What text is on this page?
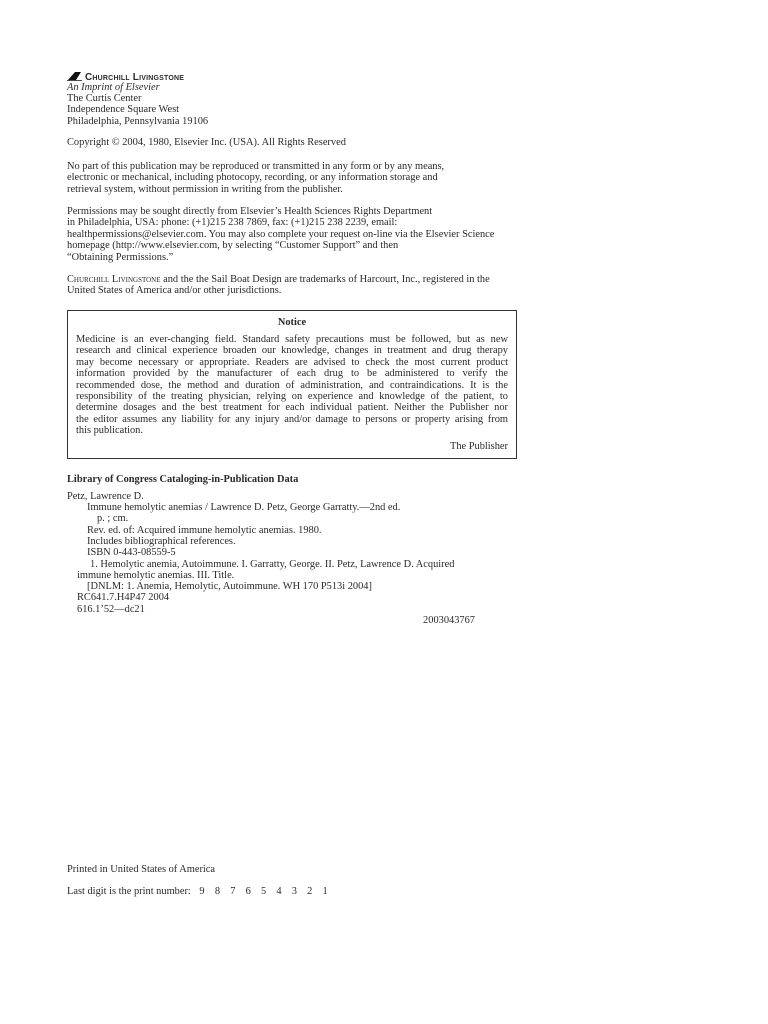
Churchill Livingstone
An Imprint of Elsevier
The Curtis Center
Independence Square West
Philadelphia, Pennsylvania 19106
Copyright © 2004, 1980, Elsevier Inc. (USA). All Rights Reserved
No part of this publication may be reproduced or transmitted in any form or by any means,
electronic or mechanical, including photocopy, recording, or any information storage and
retrieval system, without permission in writing from the publisher.
Permissions may be sought directly from Elsevier’s Health Sciences Rights Department
in Philadelphia, USA: phone: (+1)215 238 7869, fax: (+1)215 238 2239, email:
healthpermissions@elsevier.com. You may also complete your request on-line via the Elsevier Science
homepage (http://www.elsevier.com, by selecting “Customer Support” and then
“Obtaining Permissions.”
Churchill Livingstone and the the Sail Boat Design are trademarks of Harcourt, Inc., registered in the
United States of America and/or other jurisdictions.
Notice
Medicine is an ever-changing field. Standard safety precautions must be followed, but as new
research and clinical experience broaden our knowledge, changes in treatment and drug therapy
may become necessary or appropriate. Readers are advised to check the most current product
information provided by the manufacturer of each drug to be administered to verify the
recommended dose, the method and duration of administration, and contraindications. It is the
responsibility of the treating physician, relying on experience and knowledge of the patient, to
determine dosages and the best treatment for each individual patient. Neither the Publisher nor
the editor assumes any liability for any injury and/or damage to persons or property arising from
this publication.
The Publisher
Library of Congress Cataloging-in-Publication Data
Petz, Lawrence D.
Immune hemolytic anemias / Lawrence D. Petz, George Garratty.—2nd ed.
p. ; cm.
Rev. ed. of: Acquired immune hemolytic anemias. 1980.
Includes bibliographical references.
ISBN 0-443-08559-5
1. Hemolytic anemia, Autoimmune. I. Garratty, George. II. Petz, Lawrence D. Acquired
immune hemolytic anemias. III. Title.
[DNLM: 1. Anemia, Hemolytic, Autoimmune. WH 170 P513i 2004]
RC641.7.H4P47 2004
616.1’52—dc21
2003043767
Printed in United States of America
Last digit is the print number: 9 8 7 6 5 4 3 2 1
